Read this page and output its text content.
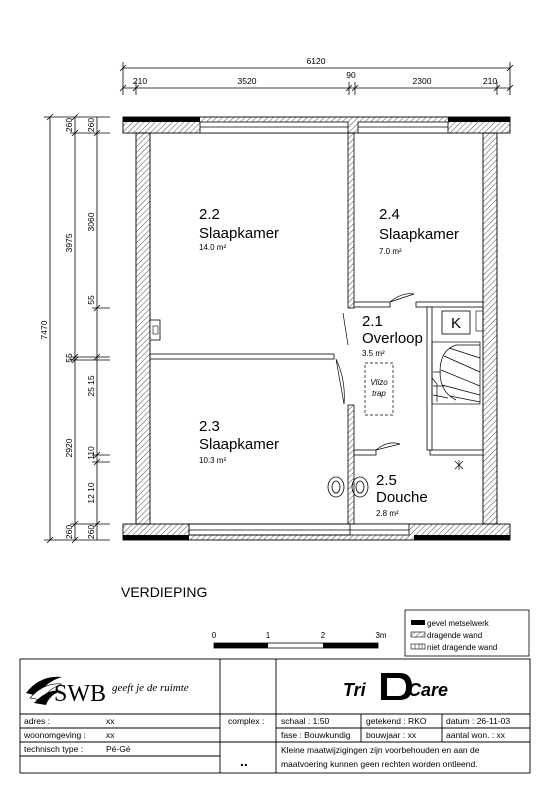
6120
210	3520
90
2300	210
7470
260
3975
55
2920
260
260
3060
55
25 15
110
12 10
260
K
Vlizo
trap
2.2
Slaapkamer
14.0 m²
2.4
Slaapkamer
7.0 m²
2.1
Overloop
3.5 m²
2.3
Slaapkamer
10.3 m²
2.5
Douche
2.8 m²
VERDIEPING
0	1	2	3m
gevel metselwerk
dragende wand
niet dragende wand
SWB geeft je de ruimte	Tri Care
adres :	xx
woonomgeving : xx
technisch type :	Pé-Gé
complex :
..
schaal : 1:50	getekend : RKO datum : 26-11-03
fase : Bouwkundig bouwjaar : xx	aantal won. : xx
Kleine maatwijzigingen zijn voorbehouden en aan de
maatvoering kunnen geen rechten worden ontleend.
